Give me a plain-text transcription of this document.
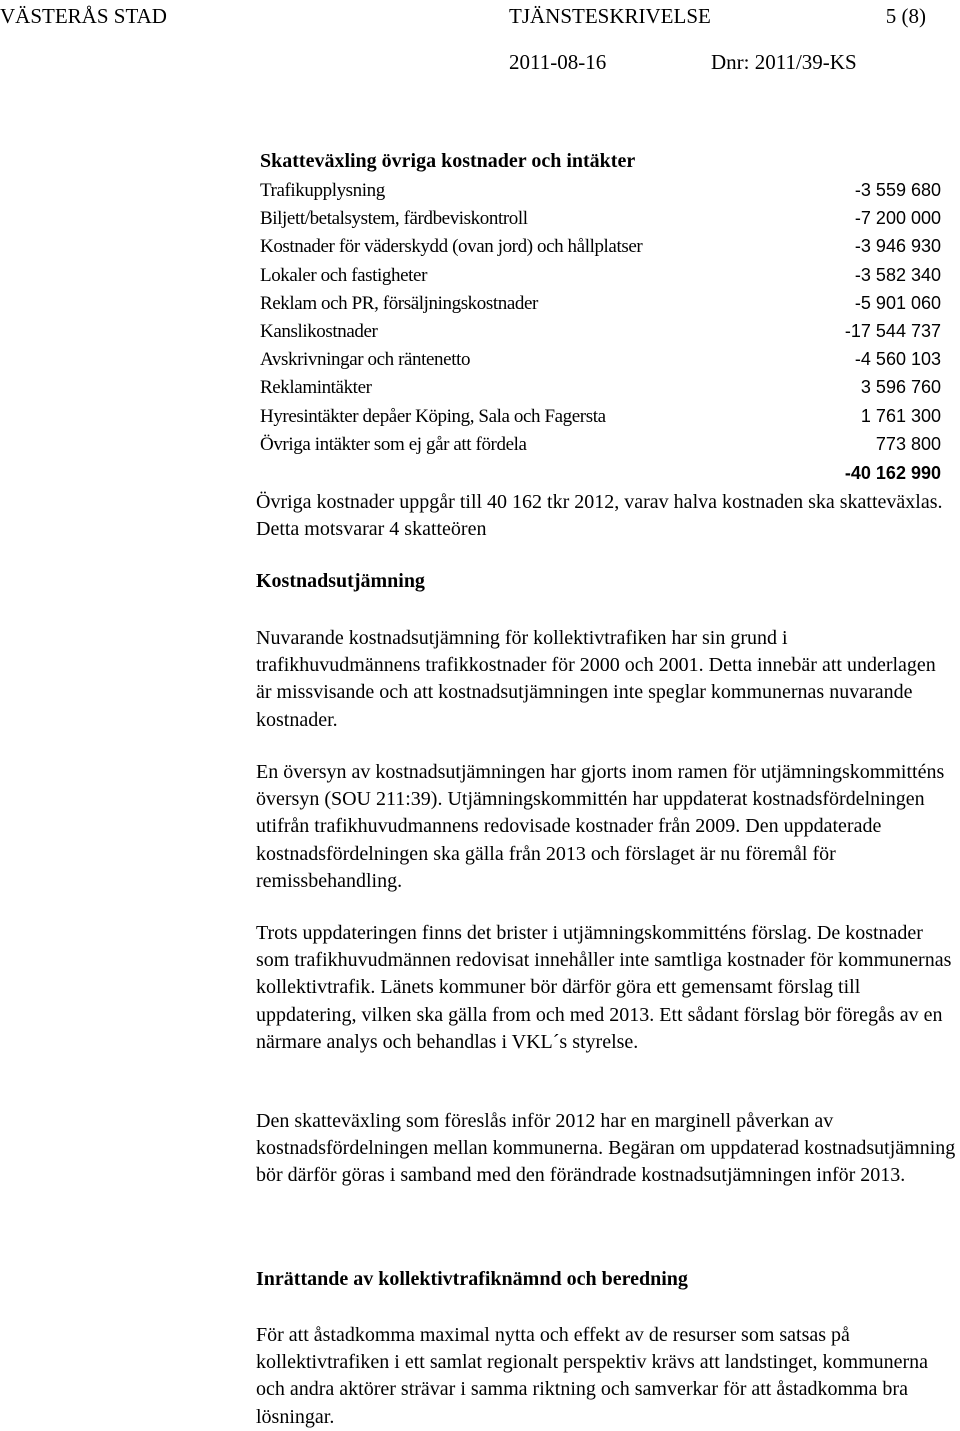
VÄSTERÅS STAD	TJÄNSTESKRIVELSE	5 (8)
2011-08-16	Dnr: 2011/39-KS
Skatteväxling övriga kostnader och intäkter
Trafikupplysning	-3 559 680
Biljett/betalsystem, färdbeviskontroll	-7 200 000
Kostnader för väderskydd (ovan jord) och hållplatser	-3 946 930
Lokaler och fastigheter	-3 582 340
Reklam och PR, försäljningskostnader	-5 901 060
Kanslikostnader	-17 544 737
Avskrivningar och räntenetto	-4 560 103
Reklamintäkter	3 596 760
Hyresintäkter depåer Köping, Sala och Fagersta	1 761 300
Övriga intäkter som ej går att fördela	773 800
-40 162 990

Övriga kostnader uppgår till 40 162 tkr 2012, varav halva kostnaden ska skatteväxlas. Detta motsvarar 4 skatteören

Kostnadsutjämning

Nuvarande kostnadsutjämning för kollektivtrafiken har sin grund i trafikhuvudmännens trafikkostnader för 2000 och 2001. Detta innebär att underlagen är missvisande och att kostnadsutjämningen inte speglar kommunernas nuvarande kostnader.

En översyn av kostnadsutjämningen har gjorts inom ramen för utjämningskommitténs översyn (SOU 211:39). Utjämningskommittén har uppdaterat kostnadsfördelningen utifrån trafikhuvudmannens redovisade kostnader från 2009. Den uppdaterade kostnadsfördelningen ska gälla från 2013 och förslaget är nu föremål för remissbehandling.

Trots uppdateringen finns det brister i utjämningskommitténs förslag. De kostnader som trafikhuvudmännen redovisat innehåller inte samtliga kostnader för kommunernas kollektivtrafik. Länets kommuner bör därför göra ett gemensamt förslag till uppdatering, vilken ska gälla from och med 2013. Ett sådant förslag bör föregås av en närmare analys och behandlas i VKL´s styrelse.

Den skatteväxling som föreslås inför 2012 har en marginell påverkan av kostnadsfördelningen mellan kommunerna. Begäran om uppdaterad kostnadsutjämning bör därför göras i samband med den förändrade kostnadsutjämningen inför 2013.

Inrättande av kollektivtrafiknämnd och beredning

För att åstadkomma maximal nytta och effekt av de resurser som satsas på kollektivtrafiken i ett samlat regionalt perspektiv krävs att landstinget, kommunerna och andra aktörer strävar i samma riktning och samverkar för att åstadkomma bra lösningar.
